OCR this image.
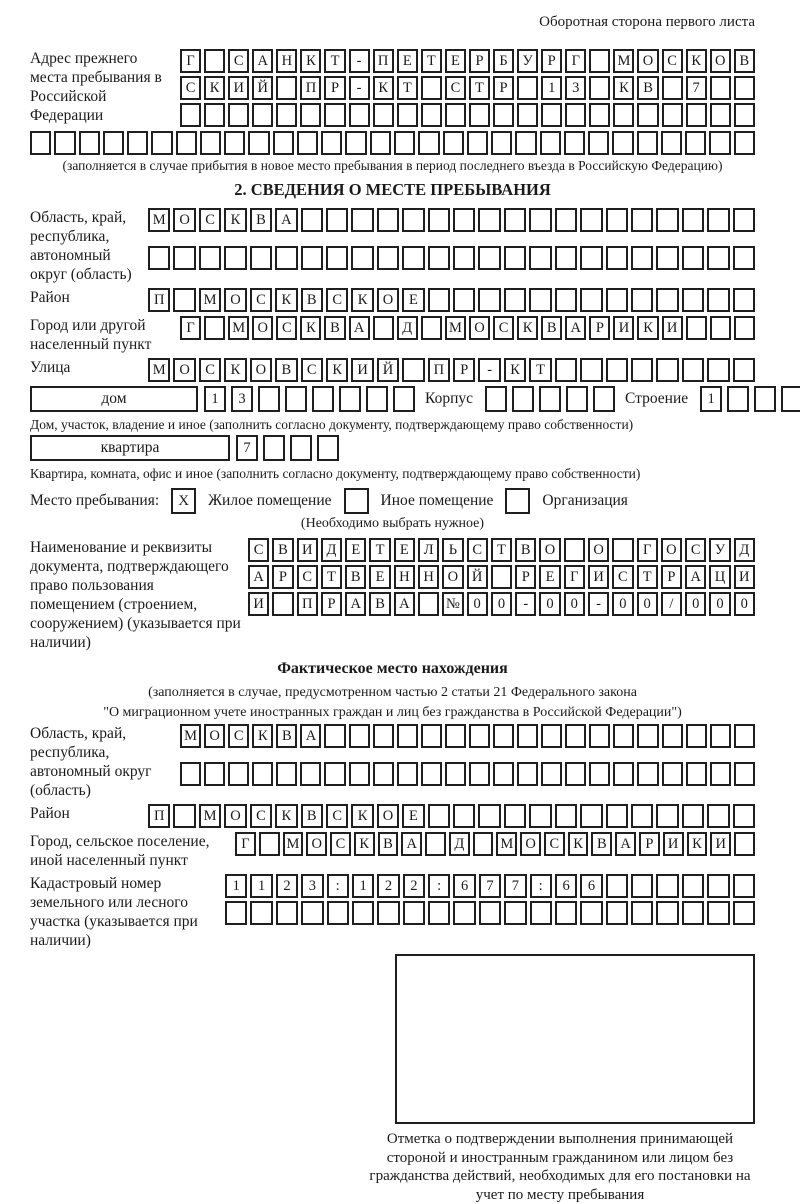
Оборотная сторона первого листа
Адрес прежнего места пребывания в Российской Федерации
Г	С А Н К	Т	-	П Е	Т	Е	Р	Б	У	Р	Г	М О С К О В
С К И Й	П	Р	-	К	Т	С	Т	Р	1	3	К В	7
(заполняется в случае прибытия в новое место пребывания в период последнего въезда в Российскую Федерацию)
2. СВЕДЕНИЯ О МЕСТЕ ПРЕБЫВАНИЯ
Область, край, республика, автономный округ (область)
М О	С	К	В	А
Район	П	М О	С	К	В	С	К	О	Е
Город или другой населенный пункт
Г	М О С К В А	Д	М О С К В А	Р	И К И
Улица	М О	С	К	О	В	С	К	И	Й	П	Р	-	К	Т
дом	1	3	Корпус	Строение	1
Дом, участок, владение и иное (заполнить согласно документу, подтверждающему право собственности)
квартира	7
Квартира, комната, офис и иное (заполнить согласно документу, подтверждающему право собственности)
Место пребывания:	X	Жилое помещение	Иное помещение	Организация
(Необходимо выбрать нужное)
Наименование и реквизиты документа, подтверждающего право пользования помещением (строением, сооружением) (указывается при наличии)
С	В И Д	Е	Т	Е	Л	Ь	С	Т	В О	О	Г	О С У Д
А	Р	С	Т	В	Е	Н Н О Й	Р	Е	Г	И С	Т	Р	А Ц И
И	П	Р	А В А	№ 0	0	-	0	0	-	0	0	/	0	0	0
Фактическое место нахождения
(заполняется в случае, предусмотренном частью 2 статьи 21 Федерального закона
"О миграционном учете иностранных граждан и лиц без гражданства в Российской Федерации")
Область, край, республика, автономный округ (область)
М О С К В А
Район	П	М О	С	К	В	С	К	О	Е
Город, сельское поселение, иной населенный пункт
Г	М О С К В А	Д	М О С К В А Р И К И
Кадастровый номер земельного или лесного участка (указывается при наличии)
1	1	2	3	:	1	2	2	:	6	7	7	:	6	6
Отметка о подтверждении выполнения принимающей стороной и иностранным гражданином или лицом без гражданства действий, необходимых для его постановки на учет по месту пребывания
